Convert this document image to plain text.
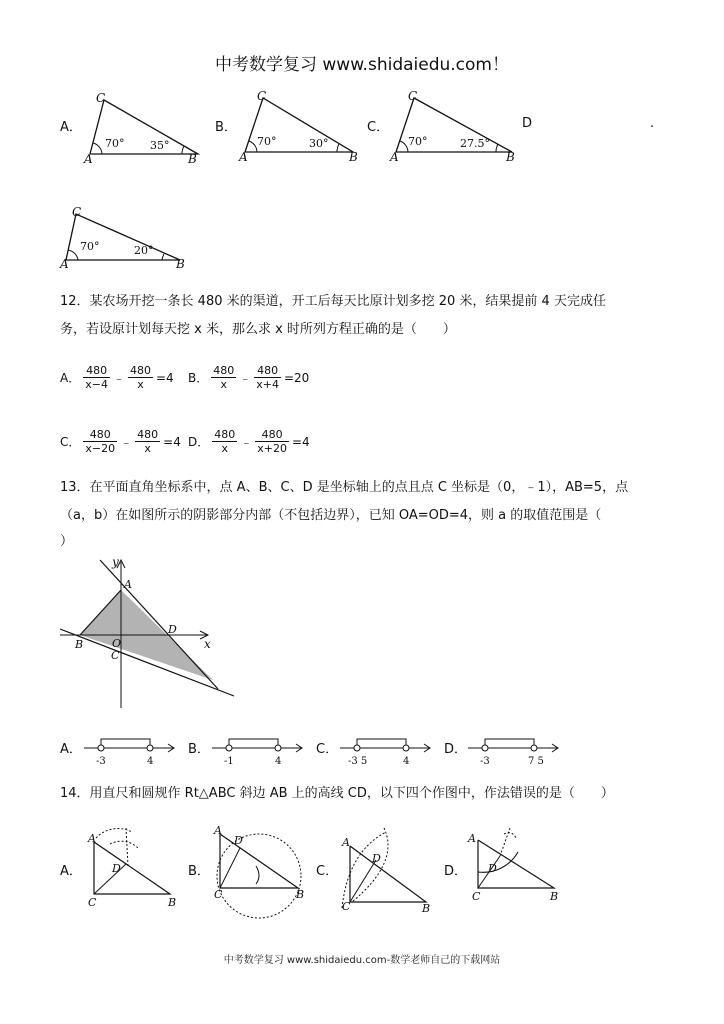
中考数学复习 www.shidaiedu.com！
A．
C
A	B
70° 35°
B．
C
A	B
70°	30°
C．
C
A	B
70°	27.5°
D	.
C
A	B
70°	20°
12．某农场开挖一条长 480 米的渠道，开工后每天比原计划多挖 20 米，结果提前 4 天完成任
务，若设原计划每天挖 x 米，那么求 x 时所列方程正确的是（　　）
A． $\frac{480}{x-4}$ ﹣ $\frac{480}{x} =4$ B． $\frac{480}{x}$ ﹣ $\frac{480}{x+4} =20$
C． $\frac{480}{x-20}$ ﹣ $\frac{480}{x} =4$ D． $\frac{480}{x}$ ﹣ $\frac{480}{x+20} =4$
13．在平面直角坐标系中，点 A、B、C、D 是坐标轴上的点且点 C 坐标是（0，﹣1），AB=5，点
（a，b）在如图所示的阴影部分内部（不包括边界），已知 OA=OD=4，则 a 的取值范围是（
）
y
x
A
B
C
D
O
A．
-3	4
B．
-1	4
C．
-3 5	4
D．
-3	7 5
14．用直尺和圆规作 Rt△ABC 斜边 AB 上的高线 CD，以下四个作图中，作法错误的是（　　）
A．
A
D
C	B
B．
A
D
C	B
C．
A
D
C	B
D．
A
D
C	B
中考数学复习 www.shidaiedu.com-数学老师自己的下载网站
